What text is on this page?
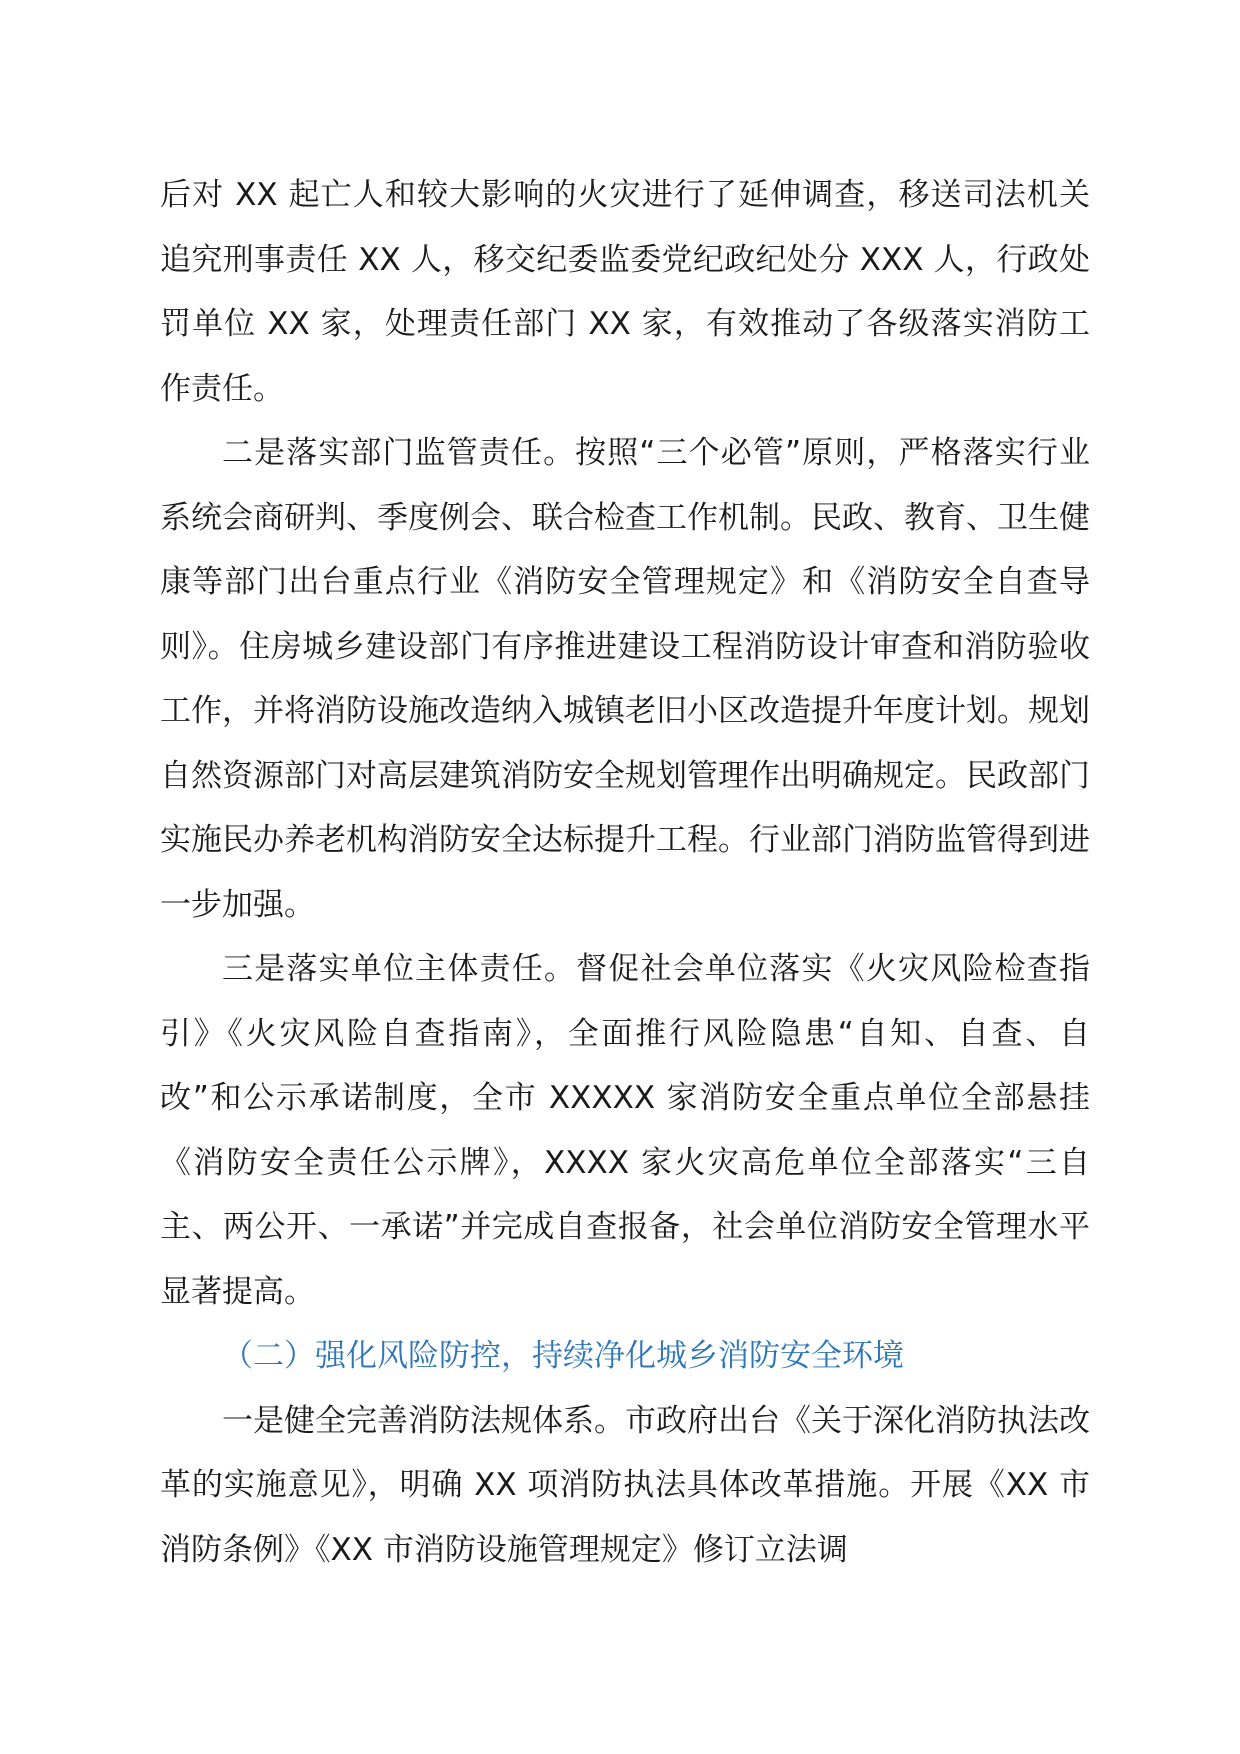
后对 XX 起亡人和较大影响的火灾进行了延伸调查，移送司法机关追究刑事责任 XX 人，移交纪委监委党纪政纪处分 XXX 人，行政处罚单位 XX 家，处理责任部门 XX 家，有效推动了各级落实消防工作责任。

二是落实部门监管责任。按照“三个必管”原则，严格落实行业系统会商研判、季度例会、联合检查工作机制。民政、教育、卫生健康等部门出台重点行业《消防安全管理规定》和《消防安全自查导则》。住房城乡建设部门有序推进建设工程消防设计审查和消防验收工作，并将消防设施改造纳入城镇老旧小区改造提升年度计划。规划自然资源部门对高层建筑消防安全规划管理作出明确规定。民政部门实施民办养老机构消防安全达标提升工程。行业部门消防监管得到进一步加强。

三是落实单位主体责任。督促社会单位落实《火灾风险检查指引》《火灾风险自查指南》，全面推行风险隐患“自知、自查、自改”和公示承诺制度，全市 XXXXX 家消防安全重点单位全部悬挂《消防安全责任公示牌》，XXXX 家火灾高危单位全部落实“三自主、两公开、一承诺”并完成自查报备，社会单位消防安全管理水平显著提高。

（二）强化风险防控，持续净化城乡消防安全环境

一是健全完善消防法规体系。市政府出台《关于深化消防执法改革的实施意见》，明确 XX 项消防执法具体改革措施。开展《XX 市消防条例》《XX 市消防设施管理规定》修订立法调
